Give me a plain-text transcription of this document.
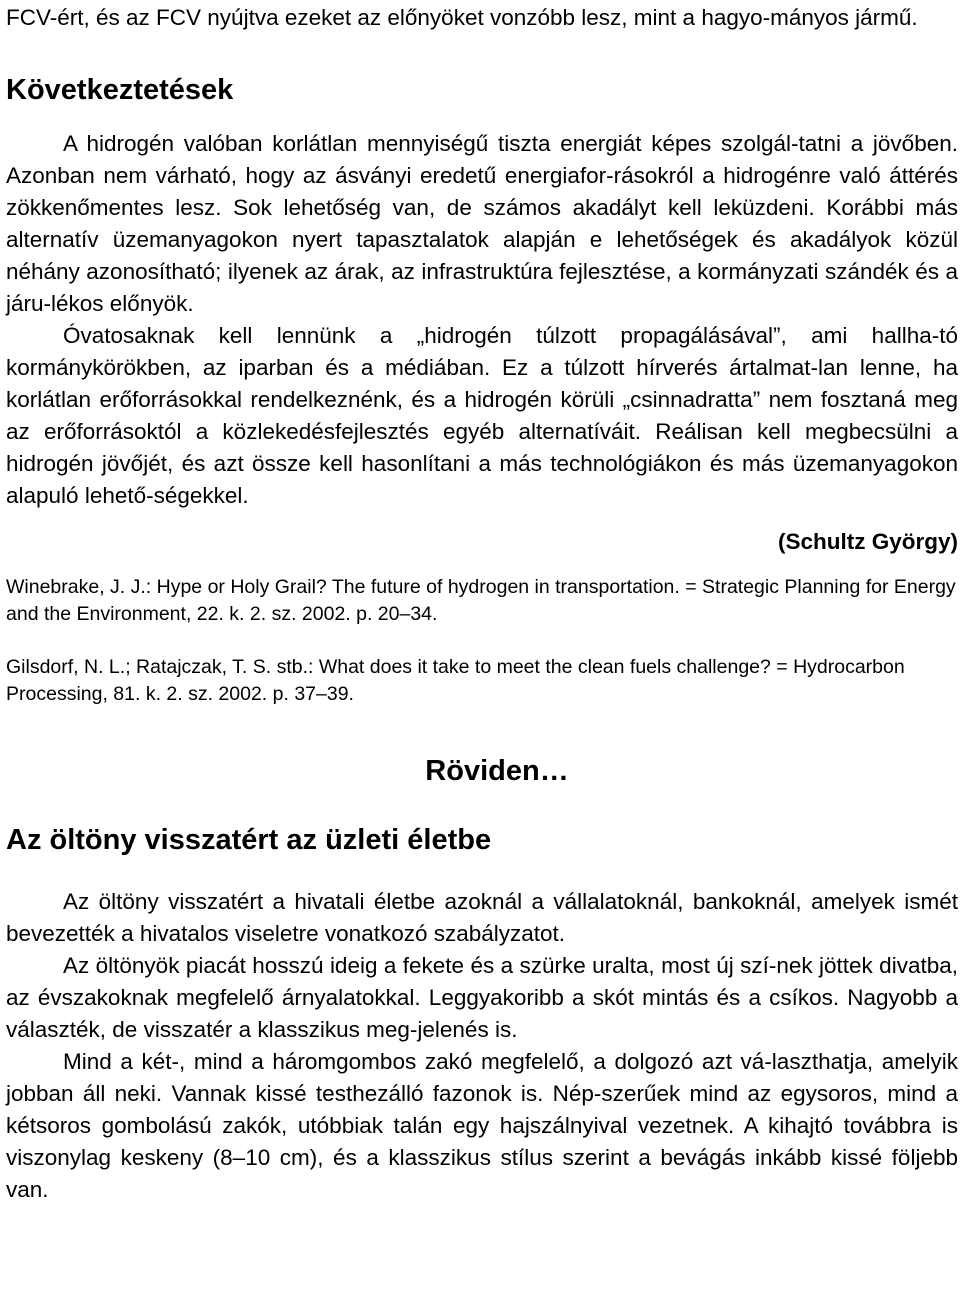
FCV-ért, és az FCV nyújtva ezeket az előnyöket vonzóbb lesz, mint a hagyo-mányos jármű.

Következtetések

A hidrogén valóban korlátlan mennyiségű tiszta energiát képes szolgál-tatni a jövőben. Azonban nem várható, hogy az ásványi eredetű energiafor-rásokról a hidrogénre való áttérés zökkenőmentes lesz. Sok lehetőség van, de számos akadályt kell leküzdeni. Korábbi más alternatív üzemanyagokon nyert tapasztalatok alapján e lehetőségek és akadályok közül néhány azonosítható; ilyenek az árak, az infrastruktúra fejlesztése, a kormányzati szándék és a járu-lékos előnyök.

Óvatosaknak kell lennünk a „hidrogén túlzott propagálásával”, ami hallha-tó kormánykörökben, az iparban és a médiában. Ez a túlzott hírverés ártalmat-lan lenne, ha korlátlan erőforrásokkal rendelkeznénk, és a hidrogén körüli „csinnadratta” nem fosztaná meg az erőforrásoktól a közlekedésfejlesztés egyéb alternatíváit. Reálisan kell megbecsülni a hidrogén jövőjét, és azt össze kell hasonlítani a más technológiákon és más üzemanyagokon alapuló lehető-ségekkel.

(Schultz György)

Winebrake, J. J.: Hype or Holy Grail? The future of hydrogen in transportation. = Strategic Planning for Energy and the Environment, 22. k. 2. sz. 2002. p. 20–34.

Gilsdorf, N. L.; Ratajczak, T. S. stb.: What does it take to meet the clean fuels challenge? = Hydrocarbon Processing, 81. k. 2. sz. 2002. p. 37–39.

Röviden…
Az öltöny visszatért az üzleti életbe

Az öltöny visszatért a hivatali életbe azoknál a vállalatoknál, bankoknál, amelyek ismét bevezették a hivatalos viseletre vonatkozó szabályzatot.

Az öltönyök piacát hosszú ideig a fekete és a szürke uralta, most új szí-nek jöttek divatba, az évszakoknak megfelelő árnyalatokkal. Leggyakoribb a skót mintás és a csíkos. Nagyobb a választék, de visszatér a klasszikus meg-jelenés is.

Mind a két-, mind a háromgombos zakó megfelelő, a dolgozó azt vá-laszthatja, amelyik jobban áll neki. Vannak kissé testhezálló fazonok is. Nép-szerűek mind az egysoros, mind a kétsoros gombolású zakók, utóbbiak talán egy hajszálnyival vezetnek. A kihajtó továbbra is viszonylag keskeny (8–10 cm), és a klasszikus stílus szerint a bevágás inkább kissé följebb van.
